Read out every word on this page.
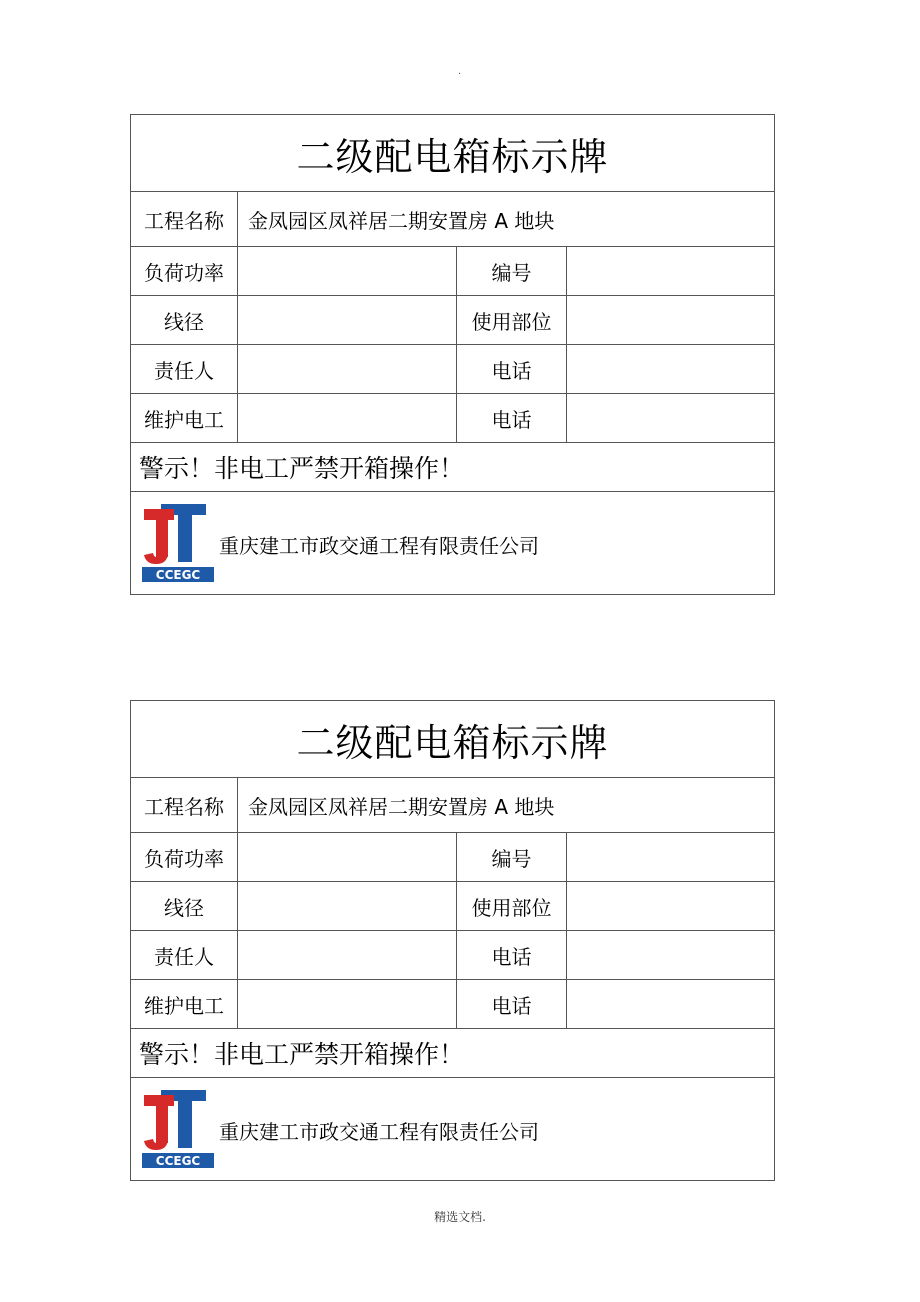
.
二级配电箱标示牌			
工程名称	金凤园区凤祥居二期安置房 A 地块		
负荷功率		编号	
线径		使用部位	
责任人		电话	
维护电工		电话	
警示！非电工严禁开箱操作！			

CCEGC
重庆建工市政交通工程有限责任公司			
二级配电箱标示牌			
工程名称	金凤园区凤祥居二期安置房 A 地块		
负荷功率		编号	
线径		使用部位	
责任人		电话	
维护电工		电话	
警示！非电工严禁开箱操作！			

CCEGC
重庆建工市政交通工程有限责任公司			
精选文档.
